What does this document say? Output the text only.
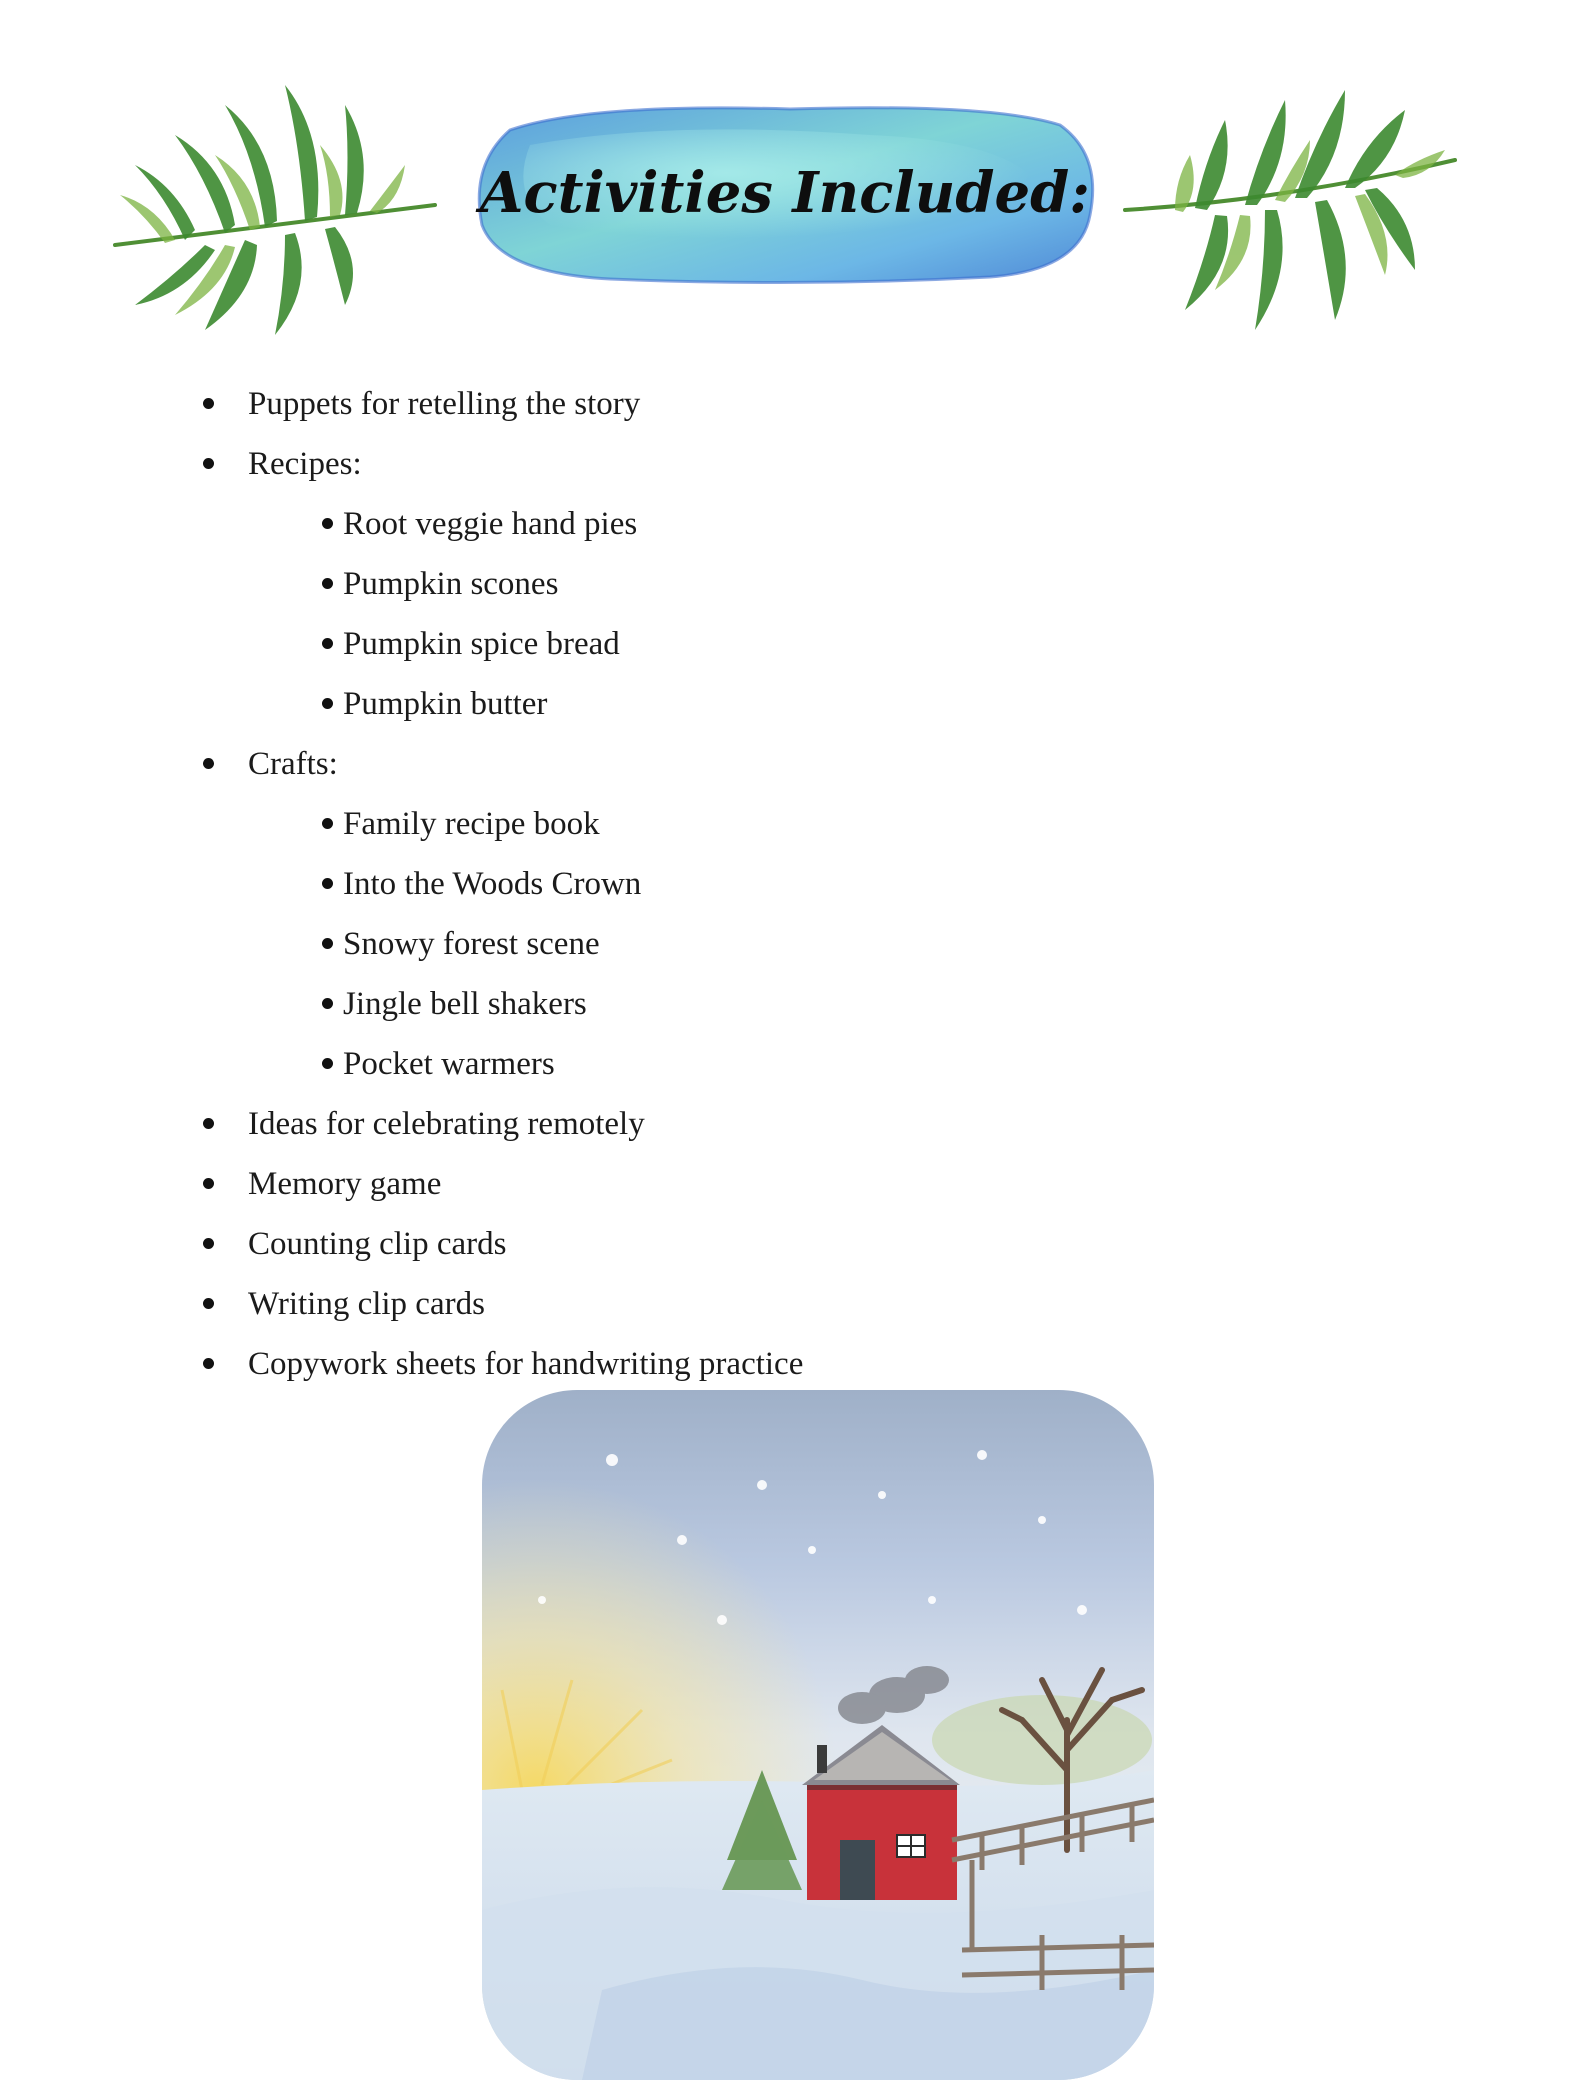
Activities Included:
Puppets for retelling the story
Recipes:
Root veggie hand pies
Pumpkin scones
Pumpkin spice bread
Pumpkin butter
Crafts:
Family recipe book
Into the Woods Crown
Snowy forest scene
Jingle bell shakers
Pocket warmers
Ideas for celebrating remotely
Memory game
Counting clip cards
Writing clip cards
Copywork sheets for handwriting practice
